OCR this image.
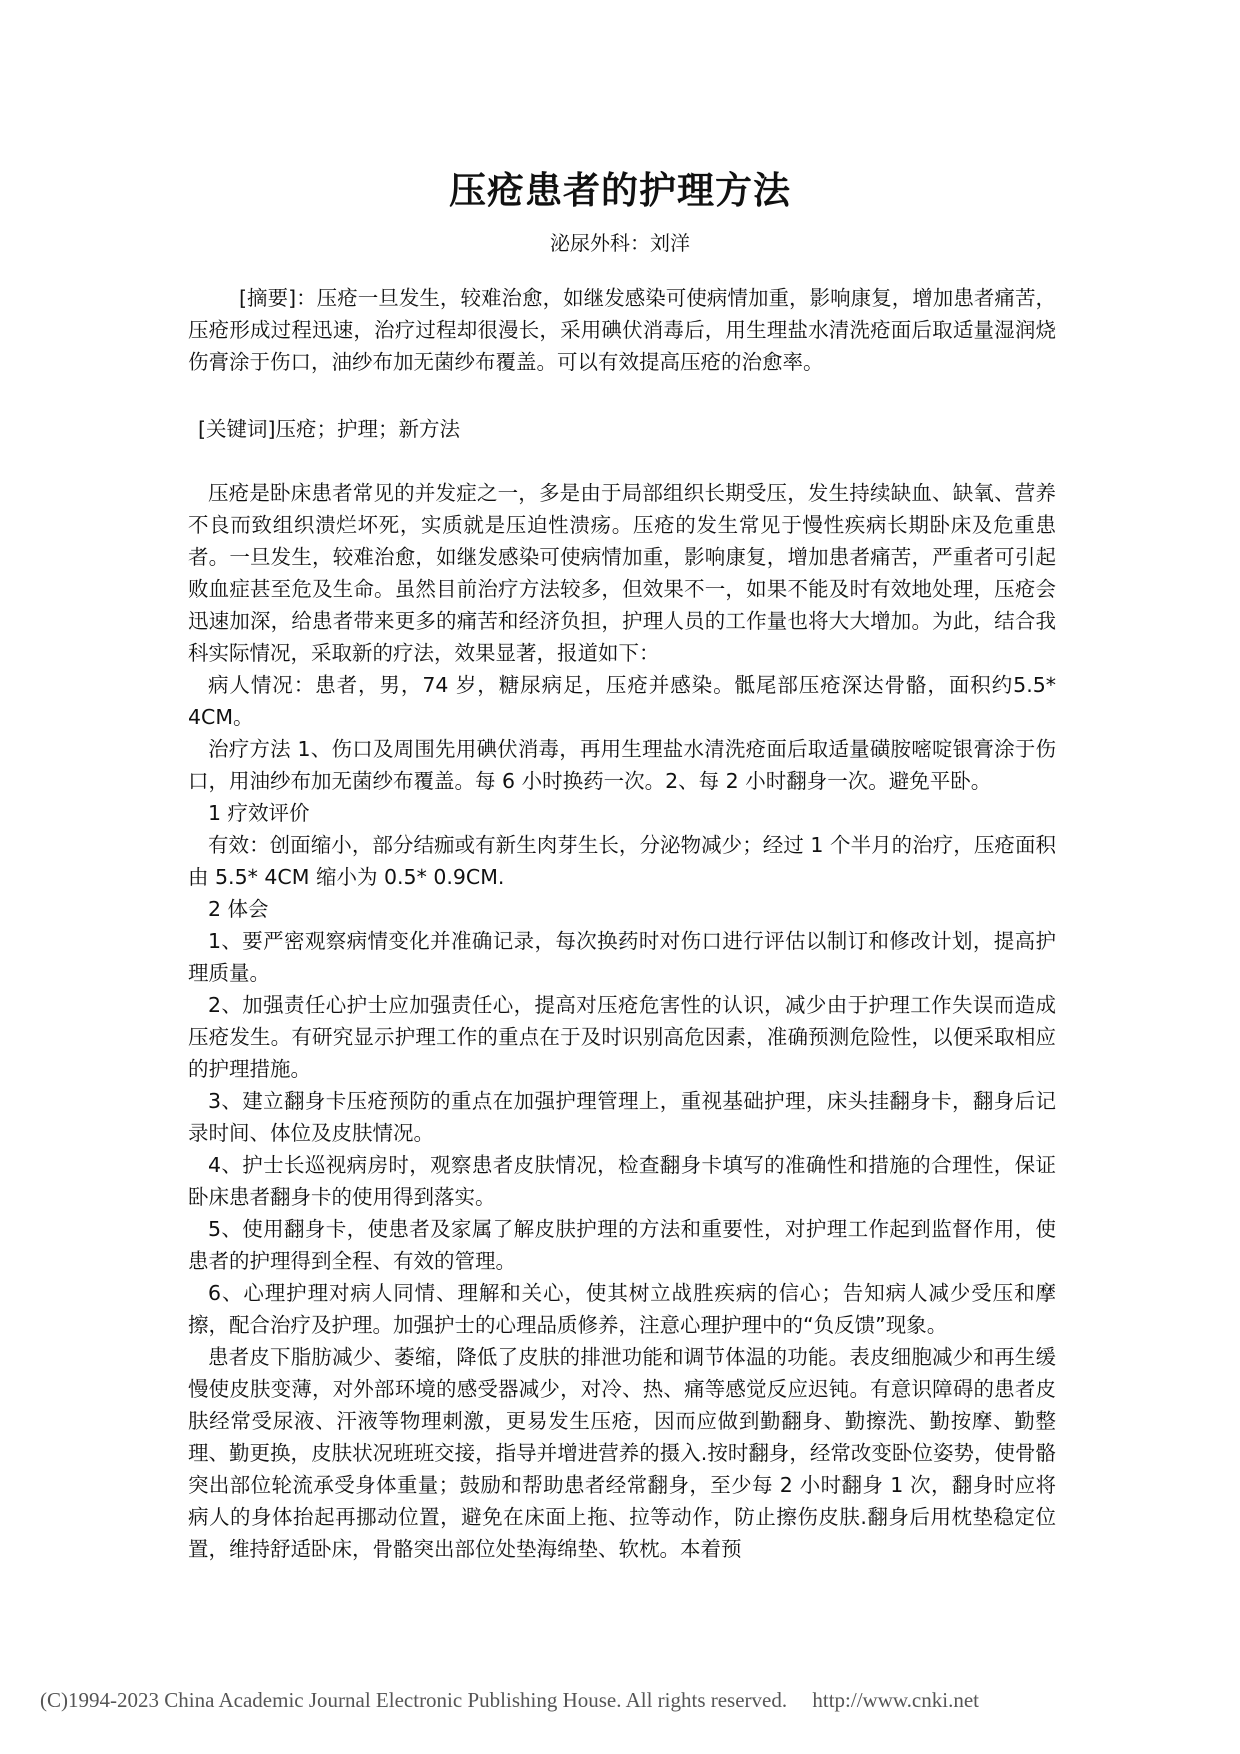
压疮患者的护理方法

泌尿外科：刘洋

[摘要]：压疮一旦发生，较难治愈，如继发感染可使病情加重，影响康复，增加患者痛苦，压疮形成过程迅速，治疗过程却很漫长，采用碘伏消毒后，用生理盐水清洗疮面后取适量湿润烧伤膏涂于伤口，油纱布加无菌纱布覆盖。可以有效提高压疮的治愈率。

[关键词]压疮；护理；新方法

压疮是卧床患者常见的并发症之一，多是由于局部组织长期受压，发生持续缺血、缺氧、营养不良而致组织溃烂坏死，实质就是压迫性溃疡。压疮的发生常见于慢性疾病长期卧床及危重患者。一旦发生，较难治愈，如继发感染可使病情加重，影响康复，增加患者痛苦，严重者可引起败血症甚至危及生命。虽然目前治疗方法较多，但效果不一，如果不能及时有效地处理，压疮会迅速加深，给患者带来更多的痛苦和经济负担，护理人员的工作量也将大大增加。为此，结合我科实际情况，采取新的疗法，效果显著，报道如下：

病人情况：患者，男，74 岁，糖尿病足，压疮并感染。骶尾部压疮深达骨骼，面积约5.5* 4CM。

治疗方法 1、伤口及周围先用碘伏消毒，再用生理盐水清洗疮面后取适量磺胺嘧啶银膏涂于伤口，用油纱布加无菌纱布覆盖。每 6 小时换药一次。2、每 2 小时翻身一次。避免平卧。

1 疗效评价

有效：创面缩小，部分结痂或有新生肉芽生长，分泌物减少；经过 1 个半月的治疗，压疮面积由 5.5* 4CM 缩小为 0.5* 0.9CM.

2 体会

1、要严密观察病情变化并准确记录，每次换药时对伤口进行评估以制订和修改计划，提高护理质量。

2、加强责任心护士应加强责任心，提高对压疮危害性的认识，减少由于护理工作失误而造成压疮发生。有研究显示护理工作的重点在于及时识别高危因素，准确预测危险性，以便采取相应的护理措施。

3、建立翻身卡压疮预防的重点在加强护理管理上，重视基础护理，床头挂翻身卡，翻身后记录时间、体位及皮肤情况。

4、护士长巡视病房时，观察患者皮肤情况，检查翻身卡填写的准确性和措施的合理性，保证卧床患者翻身卡的使用得到落实。

5、使用翻身卡，使患者及家属了解皮肤护理的方法和重要性，对护理工作起到监督作用，使患者的护理得到全程、有效的管理。

6、心理护理对病人同情、理解和关心，使其树立战胜疾病的信心；告知病人减少受压和摩擦，配合治疗及护理。加强护士的心理品质修养，注意心理护理中的“负反馈”现象。

患者皮下脂肪减少、萎缩，降低了皮肤的排泄功能和调节体温的功能。表皮细胞减少和再生缓慢使皮肤变薄，对外部环境的感受器减少，对冷、热、痛等感觉反应迟钝。有意识障碍的患者皮肤经常受尿液、汗液等物理刺激，更易发生压疮，因而应做到勤翻身、勤擦洗、勤按摩、勤整理、勤更换，皮肤状况班班交接，指导并增进营养的摄入.按时翻身，经常改变卧位姿势，使骨骼突出部位轮流承受身体重量；鼓励和帮助患者经常翻身，至少每 2 小时翻身 1 次，翻身时应将病人的身体抬起再挪动位置，避免在床面上拖、拉等动作，防止擦伤皮肤.翻身后用枕垫稳定位置，维持舒适卧床，骨骼突出部位处垫海绵垫、软枕。本着预

(C)1994-2023 China Academic Journal Electronic Publishing House. All rights reserved. http://www.cnki.net
